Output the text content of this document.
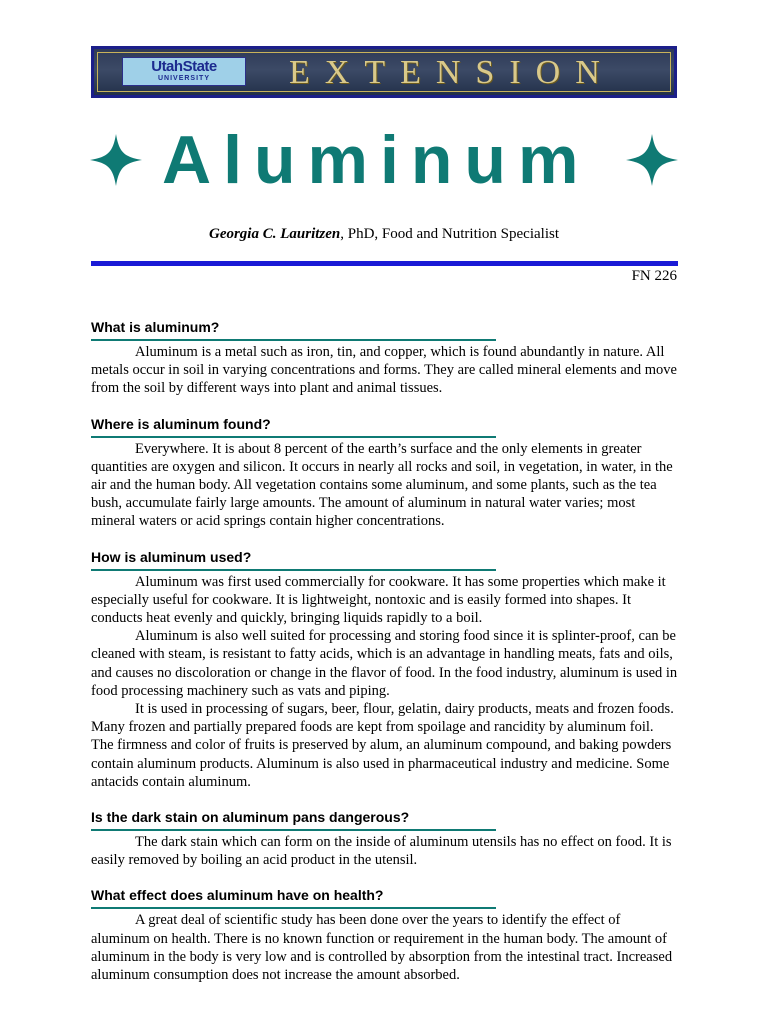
UtahState
UNIVERSITY	EXTENSION
Aluminum
Georgia C. Lauritzen, PhD, Food and Nutrition Specialist
FN 226
What is aluminum?

Aluminum is a metal such as iron, tin, and copper, which is found abundantly in nature. All metals occur in soil in varying concentrations and forms. They are called mineral elements and move from the soil by different ways into plant and animal tissues.

Where is aluminum found?

Everywhere. It is about 8 percent of the earth’s surface and the only elements in greater quantities are oxygen and silicon. It occurs in nearly all rocks and soil, in vegetation, in water, in the air and the human body. All vegetation contains some aluminum, and some plants, such as the tea bush, accumulate fairly large amounts. The amount of aluminum in natural water varies; most mineral waters or acid springs contain higher concentrations.

How is aluminum used?

Aluminum was first used commercially for cookware. It has some properties which make it especially useful for cookware. It is lightweight, nontoxic and is easily formed into shapes. It conducts heat evenly and quickly, bringing liquids rapidly to a boil.

Aluminum is also well suited for processing and storing food since it is splinter-proof, can be cleaned with steam, is resistant to fatty acids, which is an advantage in handling meats, fats and oils, and causes no discoloration or change in the flavor of food. In the food industry, aluminum is used in food processing machinery such as vats and piping.

It is used in processing of sugars, beer, flour, gelatin, dairy products, meats and frozen foods. Many frozen and partially prepared foods are kept from spoilage and rancidity by aluminum foil. The firmness and color of fruits is preserved by alum, an aluminum compound, and baking powders contain aluminum products. Aluminum is also used in pharmaceutical industry and medicine. Some antacids contain aluminum.

Is the dark stain on aluminum pans dangerous?

The dark stain which can form on the inside of aluminum utensils has no effect on food. It is easily removed by boiling an acid product in the utensil.

What effect does aluminum have on health?

A great deal of scientific study has been done over the years to identify the effect of aluminum on health. There is no known function or requirement in the human body. The amount of aluminum in the body is very low and is controlled by absorption from the intestinal tract. Increased aluminum consumption does not increase the amount absorbed.
